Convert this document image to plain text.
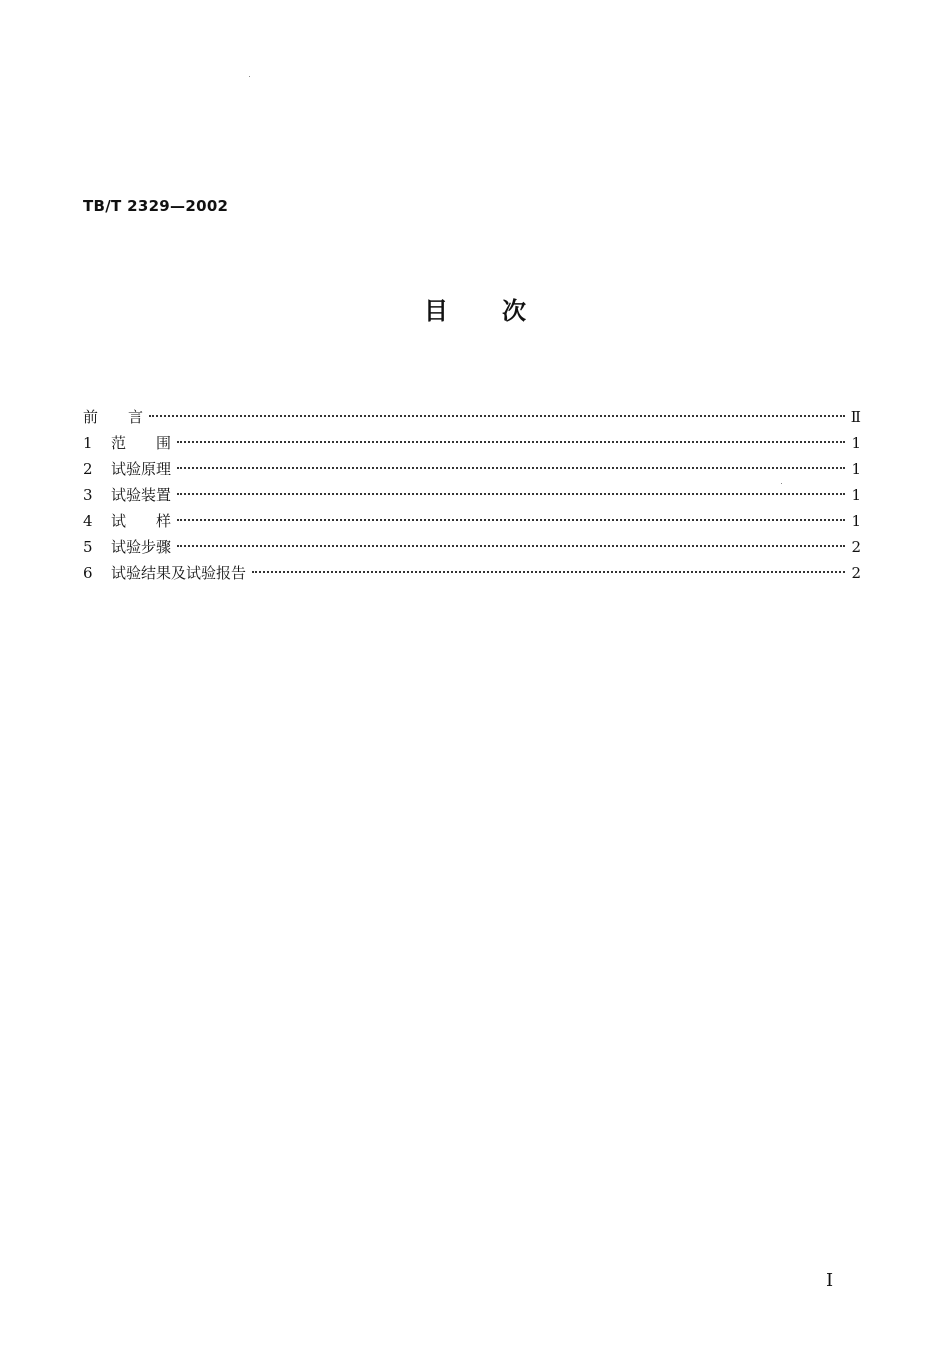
TB/T 2329—2002
目 次
前　　言	Ⅱ
1	范　　围	1
2	试验原理	1
3	试验装置	1
4	试　　样	1
5	试验步骤	2
6	试验结果及试验报告	2
I
